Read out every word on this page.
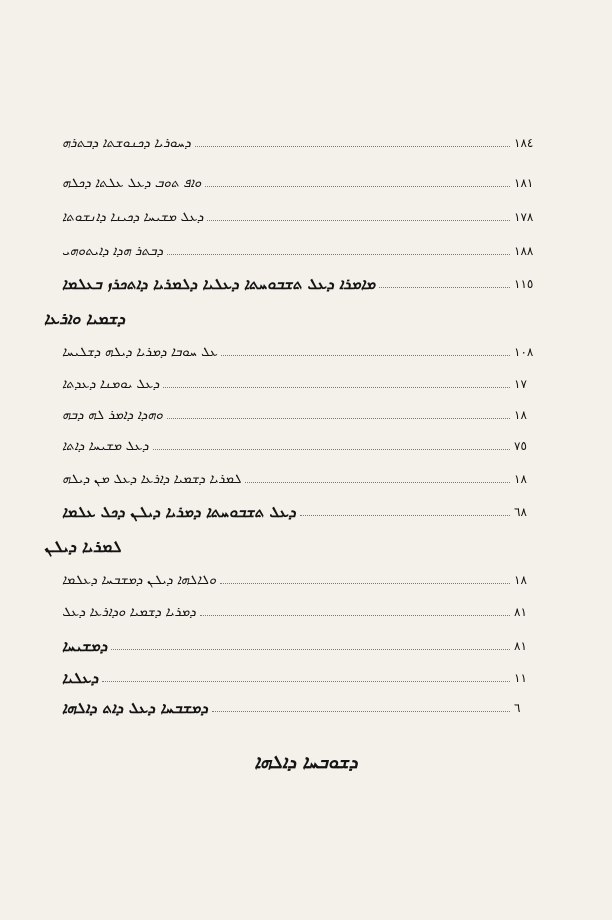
١٨٤
ܕܚܘܪܝܐ ܕܟܢܘܫܬܐ ܕܒܬܪܗ
١٨١
ܘܐܦ ܬܘܒ ܕܥܠ ܥܠܬܐ ܕܟܠܗ
١٧٨
ܕܥܠ ܡܫܝܚܐ ܕܟܝܢܐ ܕܐܢܫܘܬܐ
١٨٨
ܕܒܬܪ ܗܕܐ ܕܐܝܬܘܗܝ
١١٥
ܡܐܡܪܐ ܕܥܠ ܬܫܒܘܚܬܐ ܕܥܠܝܐ ܕܠܡܪܝܐ ܕܐܬܟܪܙ ܒܥܠܡܐ
ܕܫܡܝܐ ܘܐܪܥܐ
١٠٨
ܥܠ ܚܘܒܐ ܕܡܪܝܐ ܕܝܠܗ ܕܫܠܝܚܐ
١٧
ܕܥܠ ܝܘܡܢܐ ܕܥܕܬܐ
١٨
ܘܗܕܐ ܕܐܡܪ ܠܗ ܕܒܗ
٧٥
ܕܥܠ ܡܫܝܚܐ ܕܐܬܐ
١٨
ܠܡܪܝܐ ܕܫܡܝܐ ܕܐܪܥܐ ܕܥܠ ܡܢ ܕܝܠܗ
٦٨
ܕܥܠ ܬܫܒܘܚܬܐ ܕܡܪܝܐ ܕܝܠܢ ܕܟܠ ܥܠܡܐ
ܠܡܪܝܐ ܕܝܠܢ
١٨
ܘܠܐܠܗܐ ܕܝܠܢ ܕܡܫܒܚܐ ܕܥܠܡܐ
٨١
ܕܡܪܝܐ ܕܫܡܝܐ ܘܕܐܪܥܐ ܕܥܠ
٨١
ܕܡܫܝܚܐ
١١
ܕܥܠܝܐ
٦
ܕܡܫܒܚܐ ܕܥܠ ܕܐܬ ܕܐܠܗܐ
ܕܫܘܒܚܐ ܕܐܠܗܐ
